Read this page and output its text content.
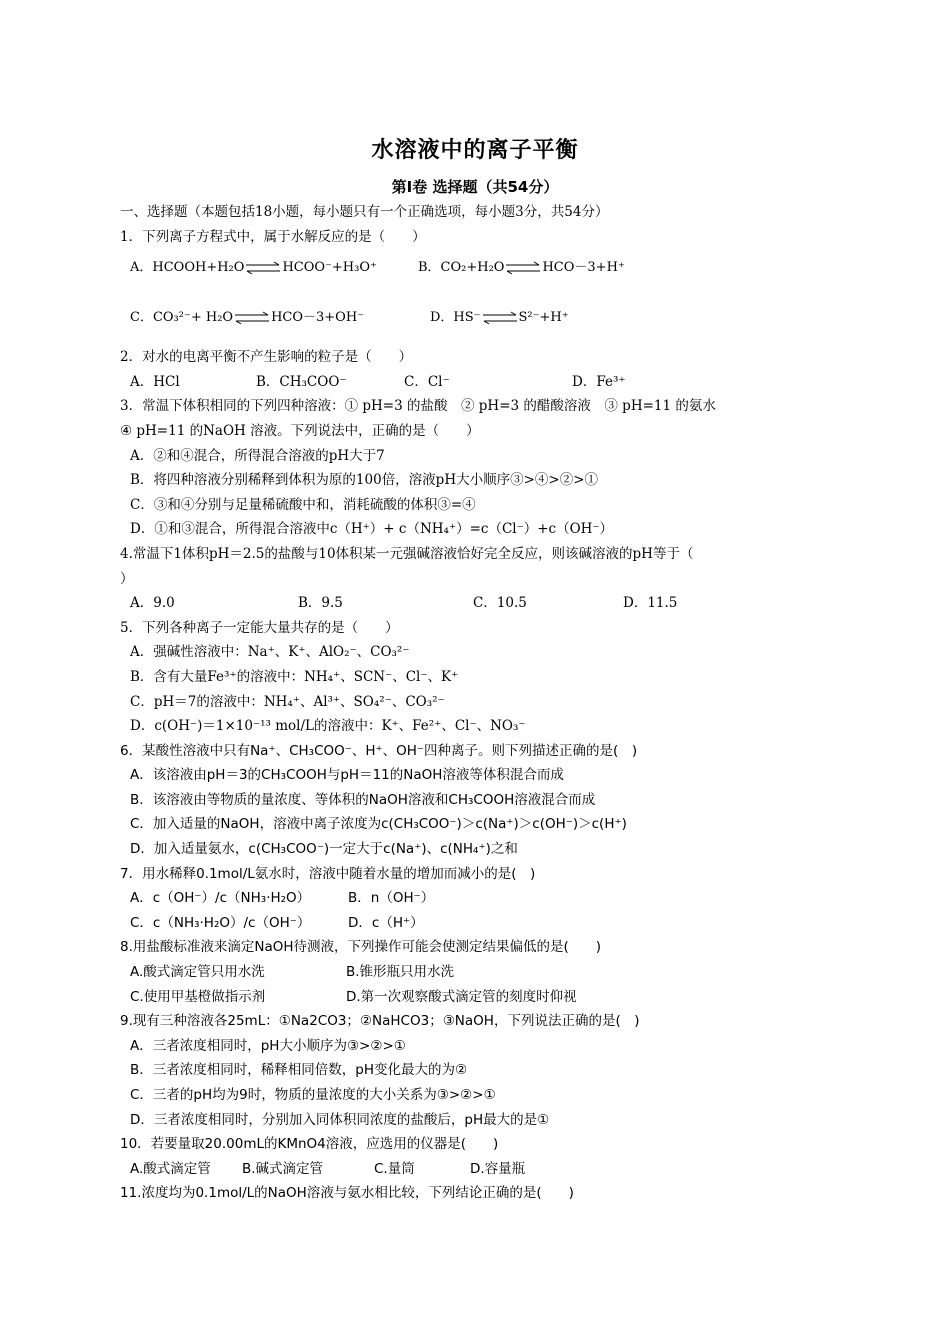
水溶液中的离子平衡
第Ⅰ卷 选择题（共54分）
一、选择题（本题包括18小题，每小题只有一个正确选项，每小题3分，共54分）
1．下列离子方程式中，属于水解反应的是（　　）
A．HCOOH+H₂O	HCOO⁻+H₃O⁺	B．CO₂+H₂O	HCO－3+H⁺
C．CO₃²⁻+ H₂O	HCO－3+OH⁻	D．HS⁻	S²⁻+H⁺
2．对水的电离平衡不产生影响的粒子是（　　）
A．HCl	B．CH₃COO⁻	C．Cl⁻	D．Fe³⁺
3．常温下体积相同的下列四种溶液：① pH=3 的盐酸　② pH=3 的醋酸溶液　③ pH=11 的氨水
④ pH=11 的NaOH 溶液。下列说法中，正确的是（　　）
A．②和④混合，所得混合溶液的pH大于7
B．将四种溶液分别稀释到体积为原的100倍，溶液pH大小顺序③>④>②>①
C．③和④分别与足量稀硫酸中和，消耗硫酸的体积③=④
D．①和③混合，所得混合溶液中c（H⁺）+ c（NH₄⁺）=c（Cl⁻）+c（OH⁻）
4.常温下1体积pH＝2.5的盐酸与10体积某一元强碱溶液恰好完全反应，则该碱溶液的pH等于（
）
A．9.0	B．9.5	C．10.5	D．11.5
5．下列各种离子一定能大量共存的是（　　）
A．强碱性溶液中：Na⁺、K⁺、AlO₂⁻、CO₃²⁻
B．含有大量Fe³⁺的溶液中：NH₄⁺、SCN⁻、Cl⁻、K⁺
C．pH＝7的溶液中：NH₄⁺、Al³⁺、SO₄²⁻、CO₃²⁻
D．c(OH⁻)＝1×10⁻¹³ mol/L的溶液中：K⁺、Fe²⁺、Cl⁻、NO₃⁻
6．某酸性溶液中只有Na⁺、CH₃COO⁻、H⁺、OH⁻四种离子。则下列描述正确的是(　)
A．该溶液由pH＝3的CH₃COOH与pH＝11的NaOH溶液等体积混合而成
B．该溶液由等物质的量浓度、等体积的NaOH溶液和CH₃COOH溶液混合而成
C．加入适量的NaOH，溶液中离子浓度为c(CH₃COO⁻)＞c(Na⁺)＞c(OH⁻)＞c(H⁺)
D．加入适量氨水，c(CH₃COO⁻)一定大于c(Na⁺)、c(NH₄⁺)之和
7．用水稀释0.1mol/L氨水时，溶液中随着水量的增加而减小的是(　)
A．c（OH⁻）/c（NH₃·H₂O）	B．n（OH⁻）
C．c（NH₃·H₂O）/c（OH⁻）	D．c（H⁺）
8.用盐酸标准液来滴定NaOH待测液，下列操作可能会使测定结果偏低的是(　　)
A.酸式滴定管只用水洗	B.锥形瓶只用水洗
C.使用甲基橙做指示剂	D.第一次观察酸式滴定管的刻度时仰视
9.现有三种溶液各25mL：①Na2CO3；②NaHCO3；③NaOH，下列说法正确的是(　)
A．三者浓度相同时，pH大小顺序为③>②>①
B．三者浓度相同时，稀释相同倍数，pH变化最大的为②
C．三者的pH均为9时，物质的量浓度的大小关系为③>②>①
D．三者浓度相同时，分别加入同体积同浓度的盐酸后，pH最大的是①
10．若要量取20.00mL的KMnO4溶液，应选用的仪器是(　　)
A.酸式滴定管 B.碱式滴定管	C.量筒	D.容量瓶
11.浓度均为0.1mol/L的NaOH溶液与氨水相比较，下列结论正确的是(　　)
